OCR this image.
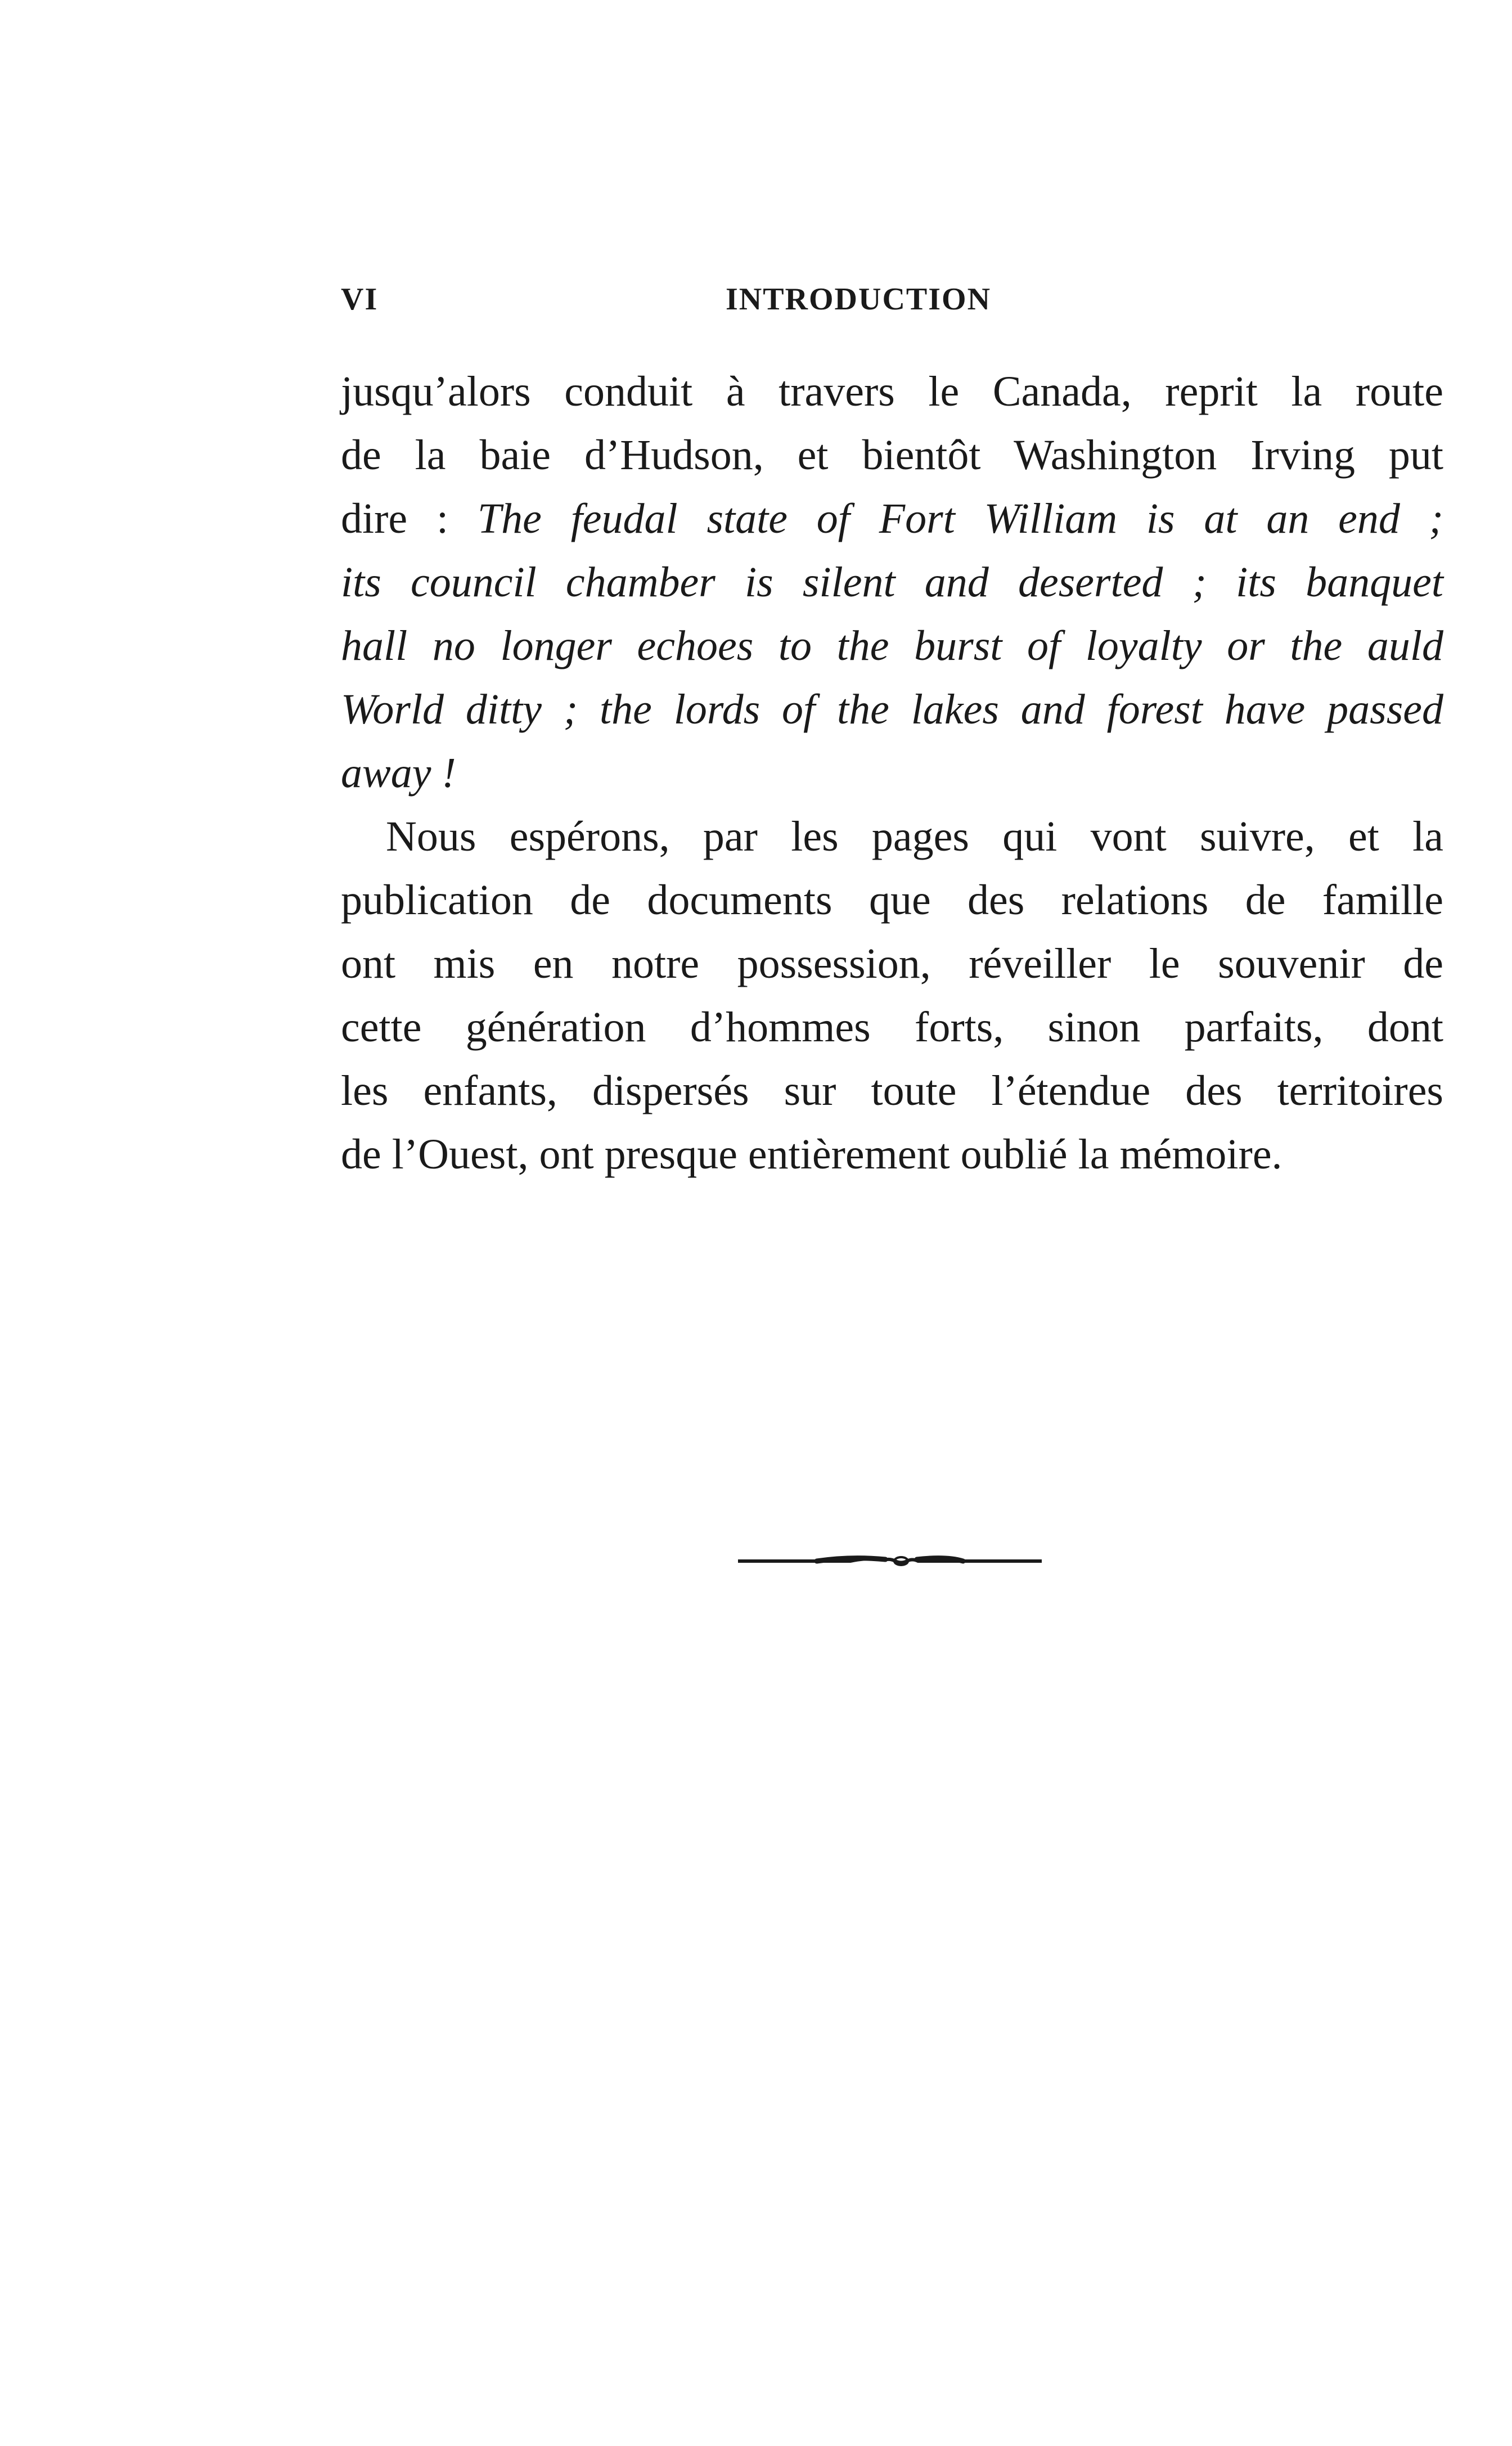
VI	INTRODUCTION
jusqu’alors conduit à travers le Canada, reprit la route
de la baie d’Hudson, et bientôt Washington Irving put
dire : The feudal state of Fort William is at an end ;
its council chamber is silent and deserted ; its banquet
hall no longer echoes to the burst of loyalty or the auld
World ditty ; the lords of the lakes and forest have passed
away !
Nous espérons, par les pages qui vont suivre, et la
publication de documents que des relations de famille
ont mis en notre possession, réveiller le souvenir de
cette génération d’hommes forts, sinon parfaits, dont
les enfants, dispersés sur toute l’étendue des territoires
de l’Ouest, ont presque entièrement oublié la mémoire.
